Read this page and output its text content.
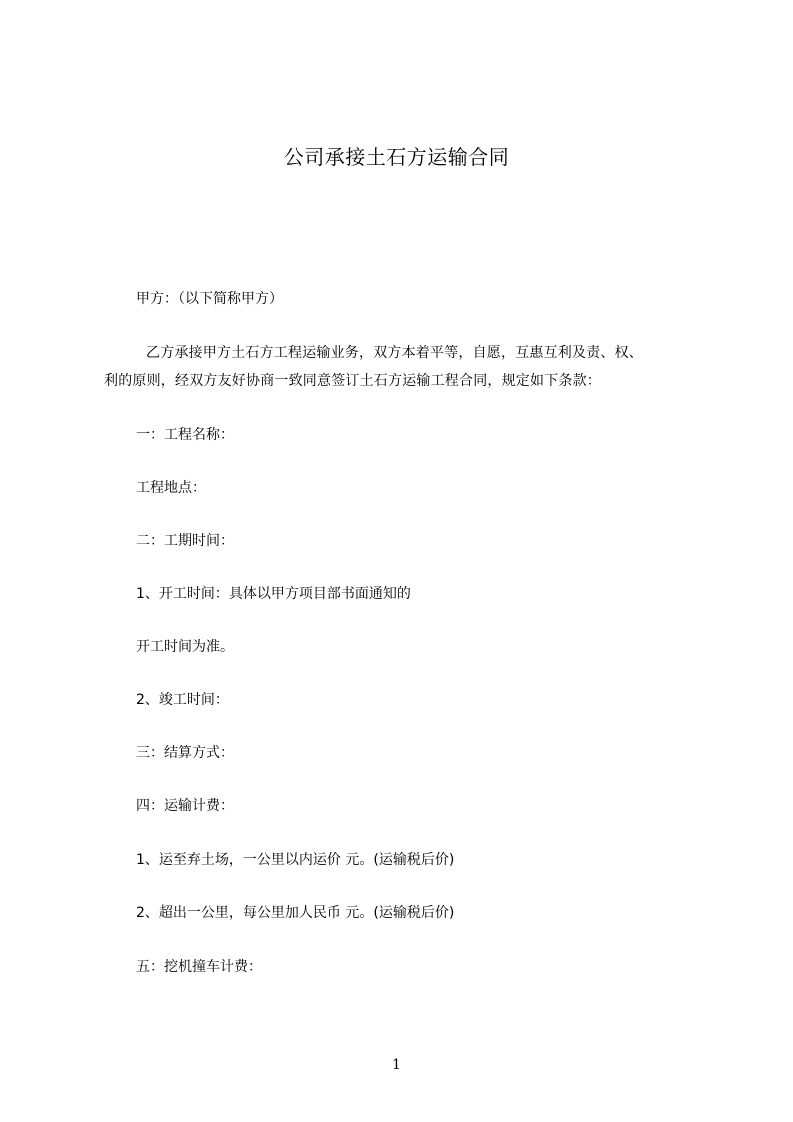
公司承接土石方运输合同
甲方：（以下简称甲方）
乙方承接甲方土石方工程运输业务，双方本着平等，自愿，互惠互利及责、权、
利的原则，经双方友好协商一致同意签订土石方运输工程合同，规定如下条款：
一：工程名称：
工程地点：
二：工期时间：
1、开工时间：具体以甲方项目部书面通知的
开工时间为准。
2、竣工时间：
三：结算方式：
四：运输计费：
1、运至弃土场，一公里以内运价 元。(运输税后价)
2、超出一公里，每公里加人民币 元。(运输税后价)
五：挖机撞车计费：
1
